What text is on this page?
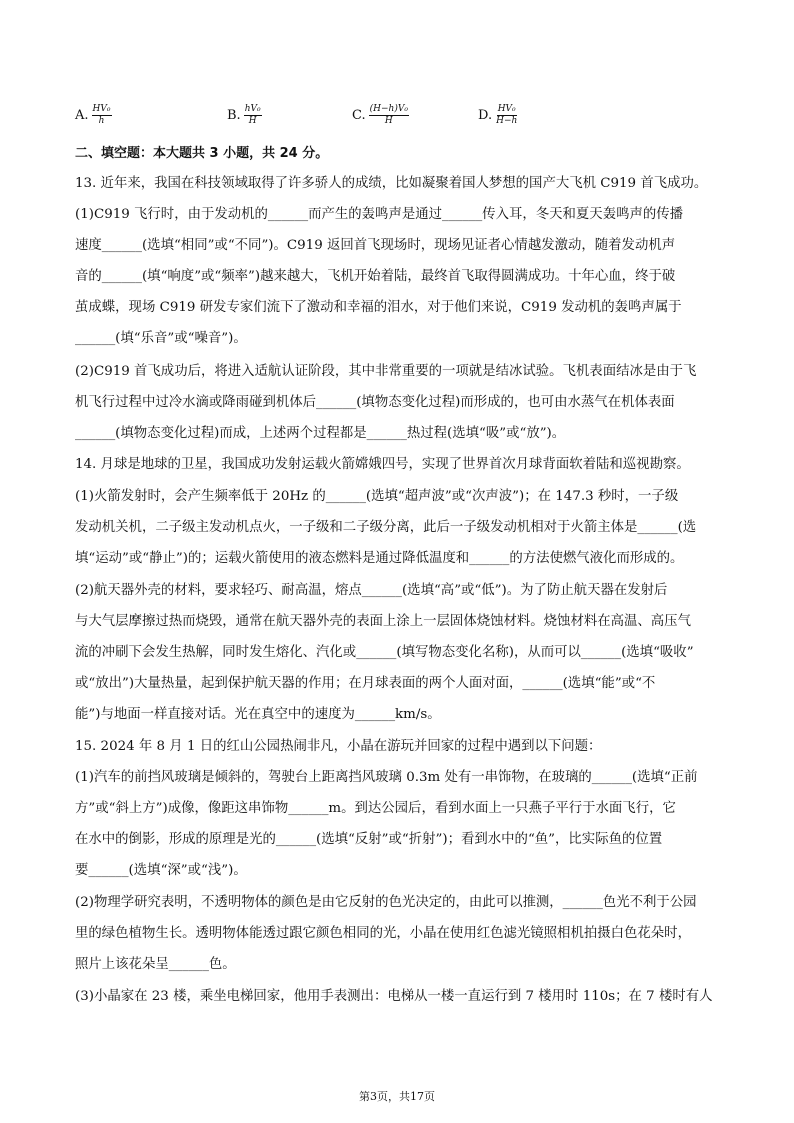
A. $\frac{\text{HV₀}}{h}$	B. $\frac{\text{hV₀}}{H}$	C. $\frac{\text{(H−h)V₀}}{H}$	D. $\frac{\text{HV₀}}{H-h}$
二、填空题：本大题共 3 小题，共 24 分。
13. 近年来，我国在科技领域取得了许多骄人的成绩，比如凝聚着国人梦想的国产大飞机 C919 首飞成功。
(1)C919 飞行时，由于发动机的______而产生的轰鸣声是通过______传入耳，冬天和夏天轰鸣声的传播
速度______(选填“相同”或“不同”)。C919 返回首飞现场时，现场见证者心情越发激动，随着发动机声
音的______(填“响度”或“频率”)越来越大，飞机开始着陆，最终首飞取得圆满成功。十年心血，终于破
茧成蝶，现场 C919 研发专家们流下了激动和幸福的泪水，对于他们来说，C919 发动机的轰鸣声属于
______(填“乐音”或“噪音”)。
(2)C919 首飞成功后，将进入适航认证阶段，其中非常重要的一项就是结冰试验。飞机表面结冰是由于飞
机飞行过程中过冷水滴或降雨碰到机体后______(填物态变化过程)而形成的，也可由水蒸气在机体表面
______(填物态变化过程)而成，上述两个过程都是______热过程(选填“吸”或“放”)。
14. 月球是地球的卫星，我国成功发射运载火箭嫦娥四号，实现了世界首次月球背面软着陆和巡视勘察。
(1)火箭发射时，会产生频率低于 20Hz 的______(选填“超声波”或“次声波”)；在 147.3 秒时，一子级
发动机关机，二子级主发动机点火，一子级和二子级分离，此后一子级发动机相对于火箭主体是______(选
填“运动”或“静止”)的；运载火箭使用的液态燃料是通过降低温度和______的方法使燃气液化而形成的。
(2)航天器外壳的材料，要求轻巧、耐高温，熔点______(选填“高”或“低”)。为了防止航天器在发射后
与大气层摩擦过热而烧毁，通常在航天器外壳的表面上涂上一层固体烧蚀材料。烧蚀材料在高温、高压气
流的冲刷下会发生热解，同时发生熔化、汽化或______(填写物态变化名称)，从而可以______(选填“吸收”
或“放出”)大量热量，起到保护航天器的作用；在月球表面的两个人面对面，______(选填“能”或“不
能”)与地面一样直接对话。光在真空中的速度为______km/s。
15. 2024 年 8 月 1 日的红山公园热闹非凡，小晶在游玩并回家的过程中遇到以下问题：
(1)汽车的前挡风玻璃是倾斜的，驾驶台上距离挡风玻璃 0.3m 处有一串饰物，在玻璃的______(选填“正前
方”或“斜上方”)成像，像距这串饰物______m。到达公园后，看到水面上一只燕子平行于水面飞行，它
在水中的倒影，形成的原理是光的______(选填“反射”或“折射”)；看到水中的“鱼”，比实际鱼的位置
要______(选填“深”或“浅”)。
(2)物理学研究表明，不透明物体的颜色是由它反射的色光决定的，由此可以推测，______色光不利于公园
里的绿色植物生长。透明物体能透过跟它颜色相同的光，小晶在使用红色滤光镜照相机拍摄白色花朵时，
照片上该花朵呈______色。
(3)小晶家在 23 楼，乘坐电梯回家，他用手表测出：电梯从一楼一直运行到 7 楼用时 110s；在 7 楼时有人
第3页，共17页
